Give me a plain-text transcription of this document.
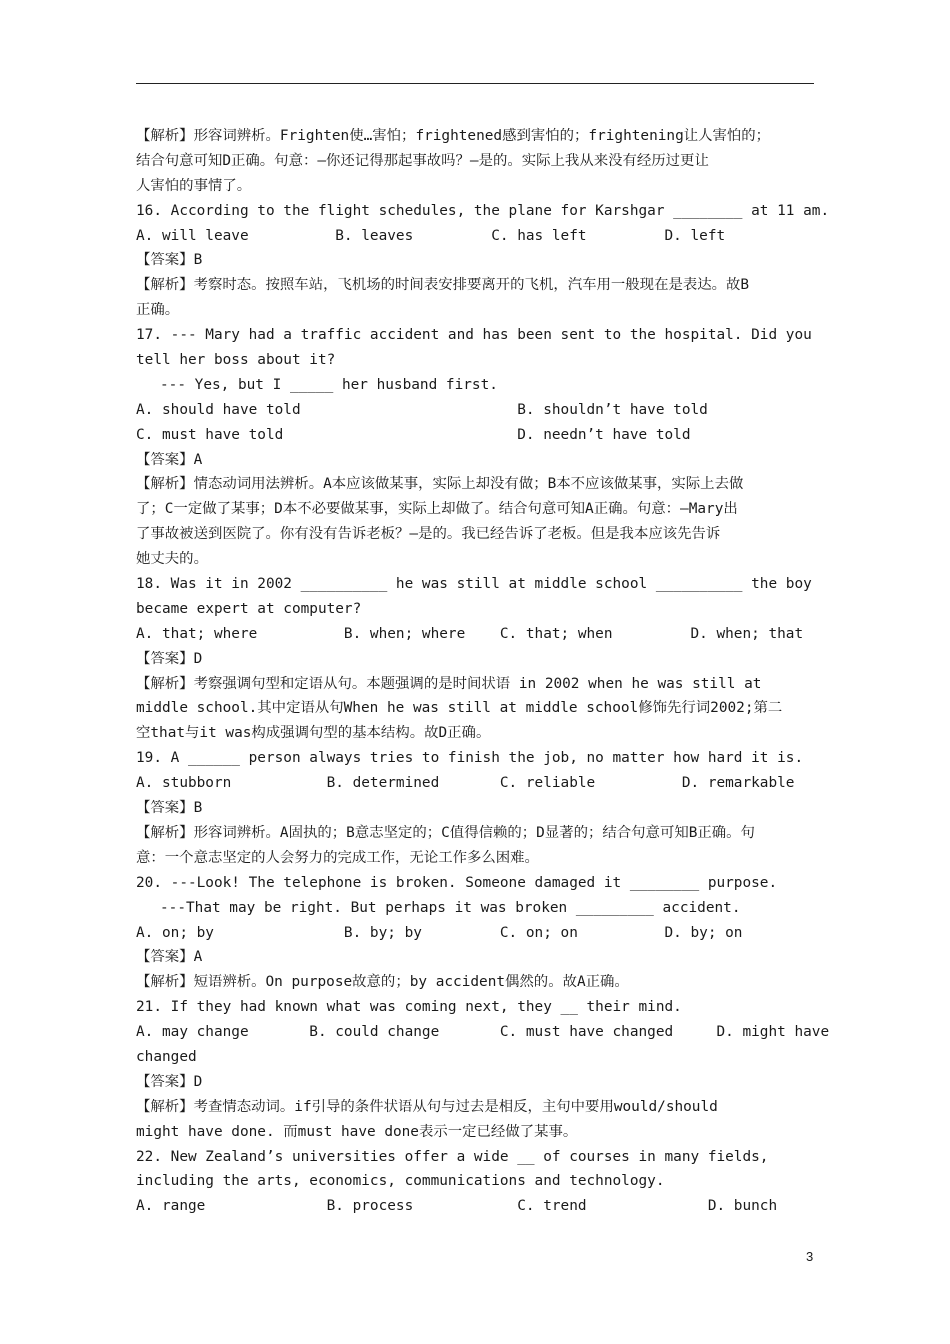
【解析】形容词辨析。Frighten使…害怕；frightened感到害怕的；frightening让人害怕的；
结合句意可知D正确。句意：—你还记得那起事故吗？—是的。实际上我从来没有经历过更让
人害怕的事情了。
16. According to the flight schedules, the plane for Karshgar ________ at 11 am.
A. will leave          B. leaves         C. has left         D. left
【答案】B
【解析】考察时态。按照车站，飞机场的时间表安排要离开的飞机，汽车用一般现在是表达。故B
正确。
17. --- Mary had a traffic accident and has been sent to the hospital. Did you
tell her boss about it?
--- Yes, but I _____ her husband first.
A. should have told                         B. shouldn’t have told
C. must have told                           D. needn’t have told
【答案】A
【解析】情态动词用法辨析。A本应该做某事，实际上却没有做；B本不应该做某事，实际上去做
了；C一定做了某事；D本不必要做某事，实际上却做了。结合句意可知A正确。句意：—Mary出
了事故被送到医院了。你有没有告诉老板？—是的。我已经告诉了老板。但是我本应该先告诉
她丈夫的。
18. Was it in 2002 __________ he was still at middle school __________ the boy
became expert at computer?
A. that; where          B. when; where    C. that; when         D. when; that
【答案】D
【解析】考察强调句型和定语从句。本题强调的是时间状语 in 2002 when he was still at
middle school.其中定语从句When he was still at middle school修饰先行词2002;第二
空that与it was构成强调句型的基本结构。故D正确。
19. A ______ person always tries to finish the job, no matter how hard it is.
A. stubborn           B. determined       C. reliable          D. remarkable
【答案】B
【解析】形容词辨析。A固执的；B意志坚定的；C值得信赖的；D显著的；结合句意可知B正确。句
意：一个意志坚定的人会努力的完成工作，无论工作多么困难。
20. ---Look! The telephone is broken. Someone damaged it ________ purpose.
---That may be right. But perhaps it was broken _________ accident.
A. on; by               B. by; by         C. on; on          D. by; on
【答案】A
【解析】短语辨析。On purpose故意的；by accident偶然的。故A正确。
21. If they had known what was coming next, they __ their mind.
A. may change       B. could change       C. must have changed     D. might have
changed
【答案】D
【解析】考查情态动词。if引导的条件状语从句与过去是相反，主句中要用would/should
might have done. 而must have done表示一定已经做了某事。
22. New Zealand’s universities offer a wide __ of courses in many fields,
including the arts, economics, communications and technology.
A. range              B. process            C. trend              D. bunch
3
